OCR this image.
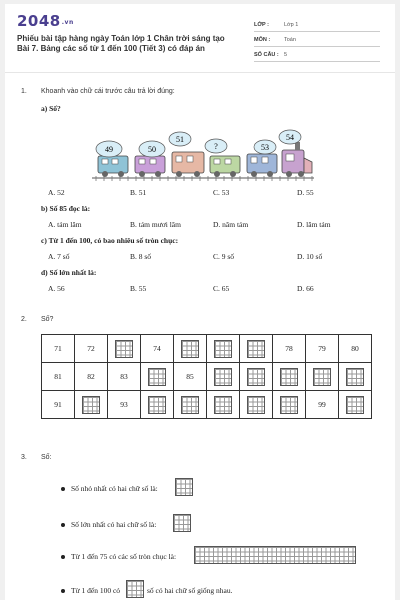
2048.vn
Phiếu bài tập hàng ngày Toán lớp 1 Chân trời sáng tạo Bài 7. Bảng các số từ 1 đến 100 (Tiết 3) có đáp án
LỚP :	Lớp 1
MÔN :	Toán
SỐ CÂU : 5
1. Khoanh vào chữ cái trước câu trả lời đúng:
a) Số?
49	50
51
?	53
54
A. 52	B. 51	C. 53	D. 55
b) Số 85 đọc là:
A. tám lăm	B. tám mươi lăm	D. năm tám	D. lăm tám
c) Từ 1 đến 100, có bao nhiêu số tròn chục:
A. 7 số	B. 8 số	C. 9 số	D. 10 số
d) Số lớn nhất là:
A. 56	B. 55	C. 65	D. 66
2. Số?
71	72		74				78	79	80
81	82	83		85					
91		93						99	
3. Số:
Số nhỏ nhất có hai chữ số là:
Số lớn nhất có hai chữ số là:
Từ 1 đến 75 có các số tròn chục là:
Từ 1 đến 100 có	số có hai chữ số giống nhau.
